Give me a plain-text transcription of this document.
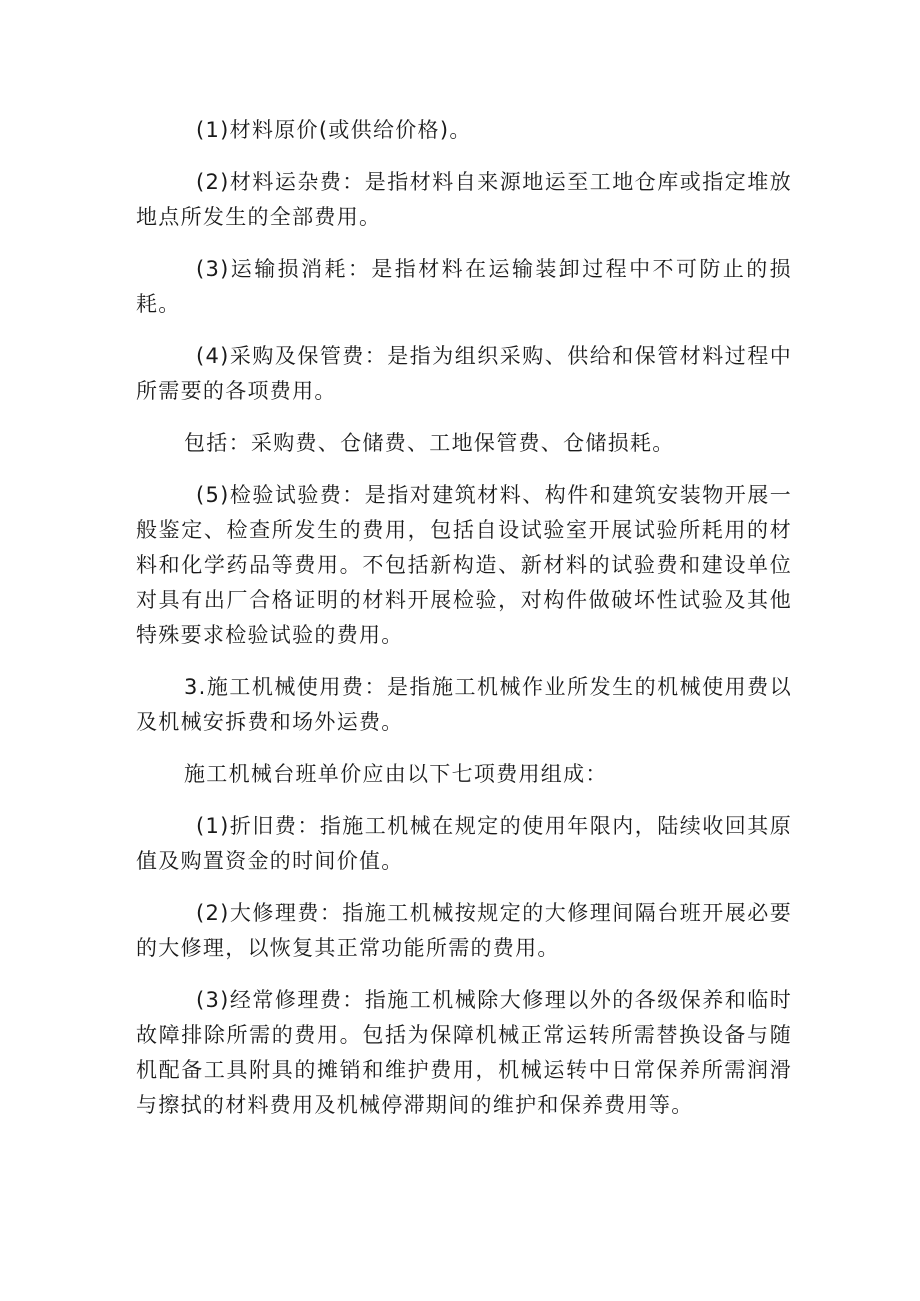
(1)材料原价(或供给价格)。

(2)材料运杂费：是指材料自来源地运至工地仓库或指定堆放地点所发生的全部费用。

(3)运输损消耗：是指材料在运输装卸过程中不可防止的损耗。

(4)采购及保管费：是指为组织采购、供给和保管材料过程中所需要的各项费用。

包括：采购费、仓储费、工地保管费、仓储损耗。

(5)检验试验费：是指对建筑材料、构件和建筑安装物开展一般鉴定、检查所发生的费用，包括自设试验室开展试验所耗用的材料和化学药品等费用。不包括新构造、新材料的试验费和建设单位对具有出厂合格证明的材料开展检验，对构件做破坏性试验及其他特殊要求检验试验的费用。

3.施工机械使用费：是指施工机械作业所发生的机械使用费以及机械安拆费和场外运费。

施工机械台班单价应由以下七项费用组成：

(1)折旧费：指施工机械在规定的使用年限内，陆续收回其原值及购置资金的时间价值。

(2)大修理费：指施工机械按规定的大修理间隔台班开展必要的大修理，以恢复其正常功能所需的费用。

(3)经常修理费：指施工机械除大修理以外的各级保养和临时故障排除所需的费用。包括为保障机械正常运转所需替换设备与随机配备工具附具的摊销和维护费用，机械运转中日常保养所需润滑与擦拭的材料费用及机械停滞期间的维护和保养费用等。
